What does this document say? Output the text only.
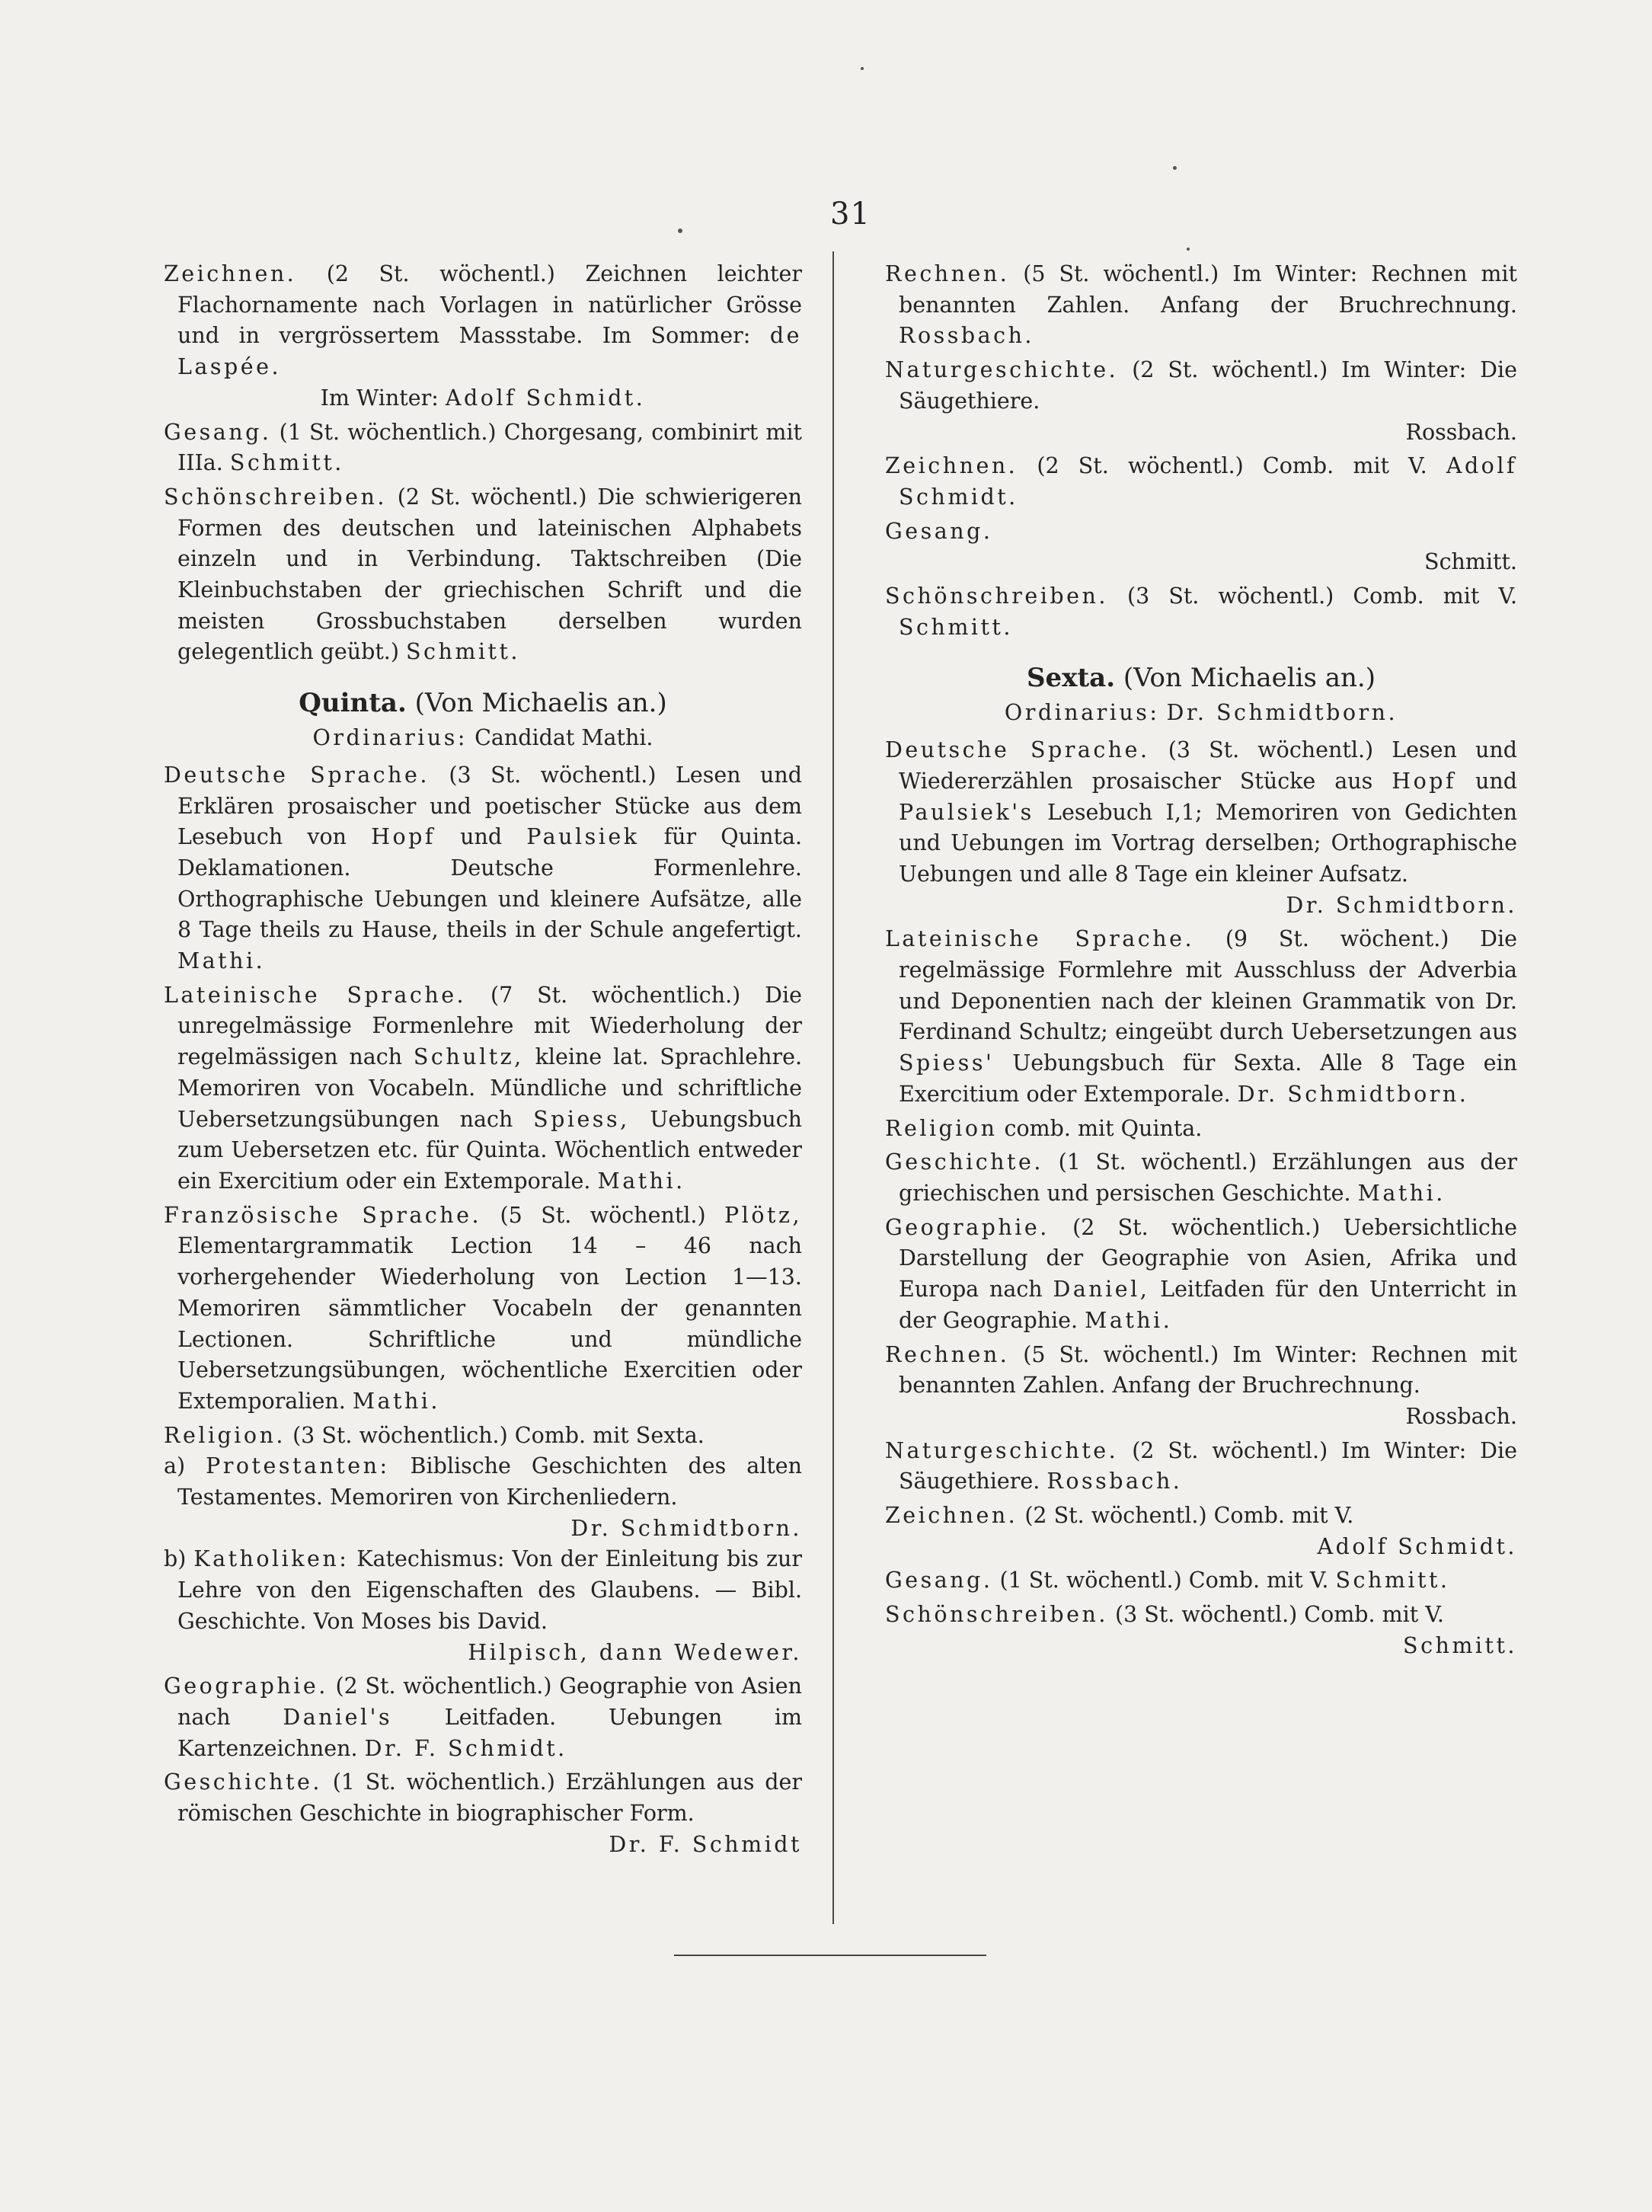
31

Zeichnen. (2 St. wöchentl.) Zeichnen leichter Flachornamente nach Vorlagen in natürlicher Grösse und in vergrössertem Massstabe. Im Sommer: de Laspée.
Im Winter: Adolf Schmidt.

Gesang. (1 St. wöchentlich.) Chorgesang, combinirt mit IIIa. Schmitt.

Schönschreiben. (2 St. wöchentl.) Die schwierigeren Formen des deutschen und lateinischen Alphabets einzeln und in Verbindung. Taktschreiben (Die Kleinbuchstaben der griechischen Schrift und die meisten Grossbuchstaben derselben wurden gelegentlich geübt.) Schmitt.

Quinta. (Von Michaelis an.)
Ordinarius: Candidat Mathi.

Deutsche Sprache. (3 St. wöchentl.) Lesen und Erklären prosaischer und poetischer Stücke aus dem Lesebuch von Hopf und Paulsiek für Quinta. Deklamationen. Deutsche Formenlehre. Orthographische Uebungen und kleinere Aufsätze, alle 8 Tage theils zu Hause, theils in der Schule angefertigt. Mathi.

Lateinische Sprache. (7 St. wöchentlich.) Die unregelmässige Formenlehre mit Wiederholung der regelmässigen nach Schultz, kleine lat. Sprachlehre. Memoriren von Vocabeln. Mündliche und schriftliche Uebersetzungsübungen nach Spiess, Uebungsbuch zum Uebersetzen etc. für Quinta. Wöchentlich entweder ein Exercitium oder ein Extemporale. Mathi.

Französische Sprache. (5 St. wöchentl.) Plötz, Elementargrammatik Lection 14 – 46 nach vorhergehender Wiederholung von Lection 1—13. Memoriren sämmtlicher Vocabeln der genannten Lectionen. Schriftliche und mündliche Uebersetzungsübungen, wöchentliche Exercitien oder Extemporalien. Mathi.

Religion. (3 St. wöchentlich.) Comb. mit Sexta.
a) Protestanten: Biblische Geschichten des alten Testamentes. Memoriren von Kirchenliedern.
Dr. Schmidtborn.
b) Katholiken: Katechismus: Von der Einleitung bis zur Lehre von den Eigenschaften des Glaubens. — Bibl. Geschichte. Von Moses bis David.
Hilpisch, dann Wedewer.

Geographie. (2 St. wöchentlich.) Geographie von Asien nach Daniel's Leitfaden. Uebungen im Kartenzeichnen. Dr. F. Schmidt.

Geschichte. (1 St. wöchentlich.) Erzählungen aus der römischen Geschichte in biographischer Form.
Dr. F. Schmidt

Rechnen. (5 St. wöchentl.) Im Winter: Rechnen mit benannten Zahlen. Anfang der Bruchrechnung. Rossbach.

Naturgeschichte. (2 St. wöchentl.) Im Winter: Die Säugethiere.
Rossbach.

Zeichnen. (2 St. wöchentl.) Comb. mit V. Adolf Schmidt.

Gesang.
Schmitt.

Schönschreiben. (3 St. wöchentl.) Comb. mit V. Schmitt.

Sexta. (Von Michaelis an.)
Ordinarius: Dr. Schmidtborn.

Deutsche Sprache. (3 St. wöchentl.) Lesen und Wiedererzählen prosaischer Stücke aus Hopf und Paulsiek's Lesebuch I,1; Memoriren von Gedichten und Uebungen im Vortrag derselben; Orthographische Uebungen und alle 8 Tage ein kleiner Aufsatz.
Dr. Schmidtborn.

Lateinische Sprache. (9 St. wöchent.) Die regelmässige Formlehre mit Ausschluss der Adverbia und Deponentien nach der kleinen Grammatik von Dr. Ferdinand Schultz; eingeübt durch Uebersetzungen aus Spiess' Uebungsbuch für Sexta. Alle 8 Tage ein Exercitium oder Extemporale. Dr. Schmidtborn.

Religion comb. mit Quinta.

Geschichte. (1 St. wöchentl.) Erzählungen aus der griechischen und persischen Geschichte. Mathi.

Geographie. (2 St. wöchentlich.) Uebersichtliche Darstellung der Geographie von Asien, Afrika und Europa nach Daniel, Leitfaden für den Unterricht in der Geographie. Mathi.

Rechnen. (5 St. wöchentl.) Im Winter: Rechnen mit benannten Zahlen. Anfang der Bruchrechnung.
Rossbach.

Naturgeschichte. (2 St. wöchentl.) Im Winter: Die Säugethiere. Rossbach.

Zeichnen. (2 St. wöchentl.) Comb. mit V.
Adolf Schmidt.

Gesang. (1 St. wöchentl.) Comb. mit V. Schmitt.

Schönschreiben. (3 St. wöchentl.) Comb. mit V.
Schmitt.
